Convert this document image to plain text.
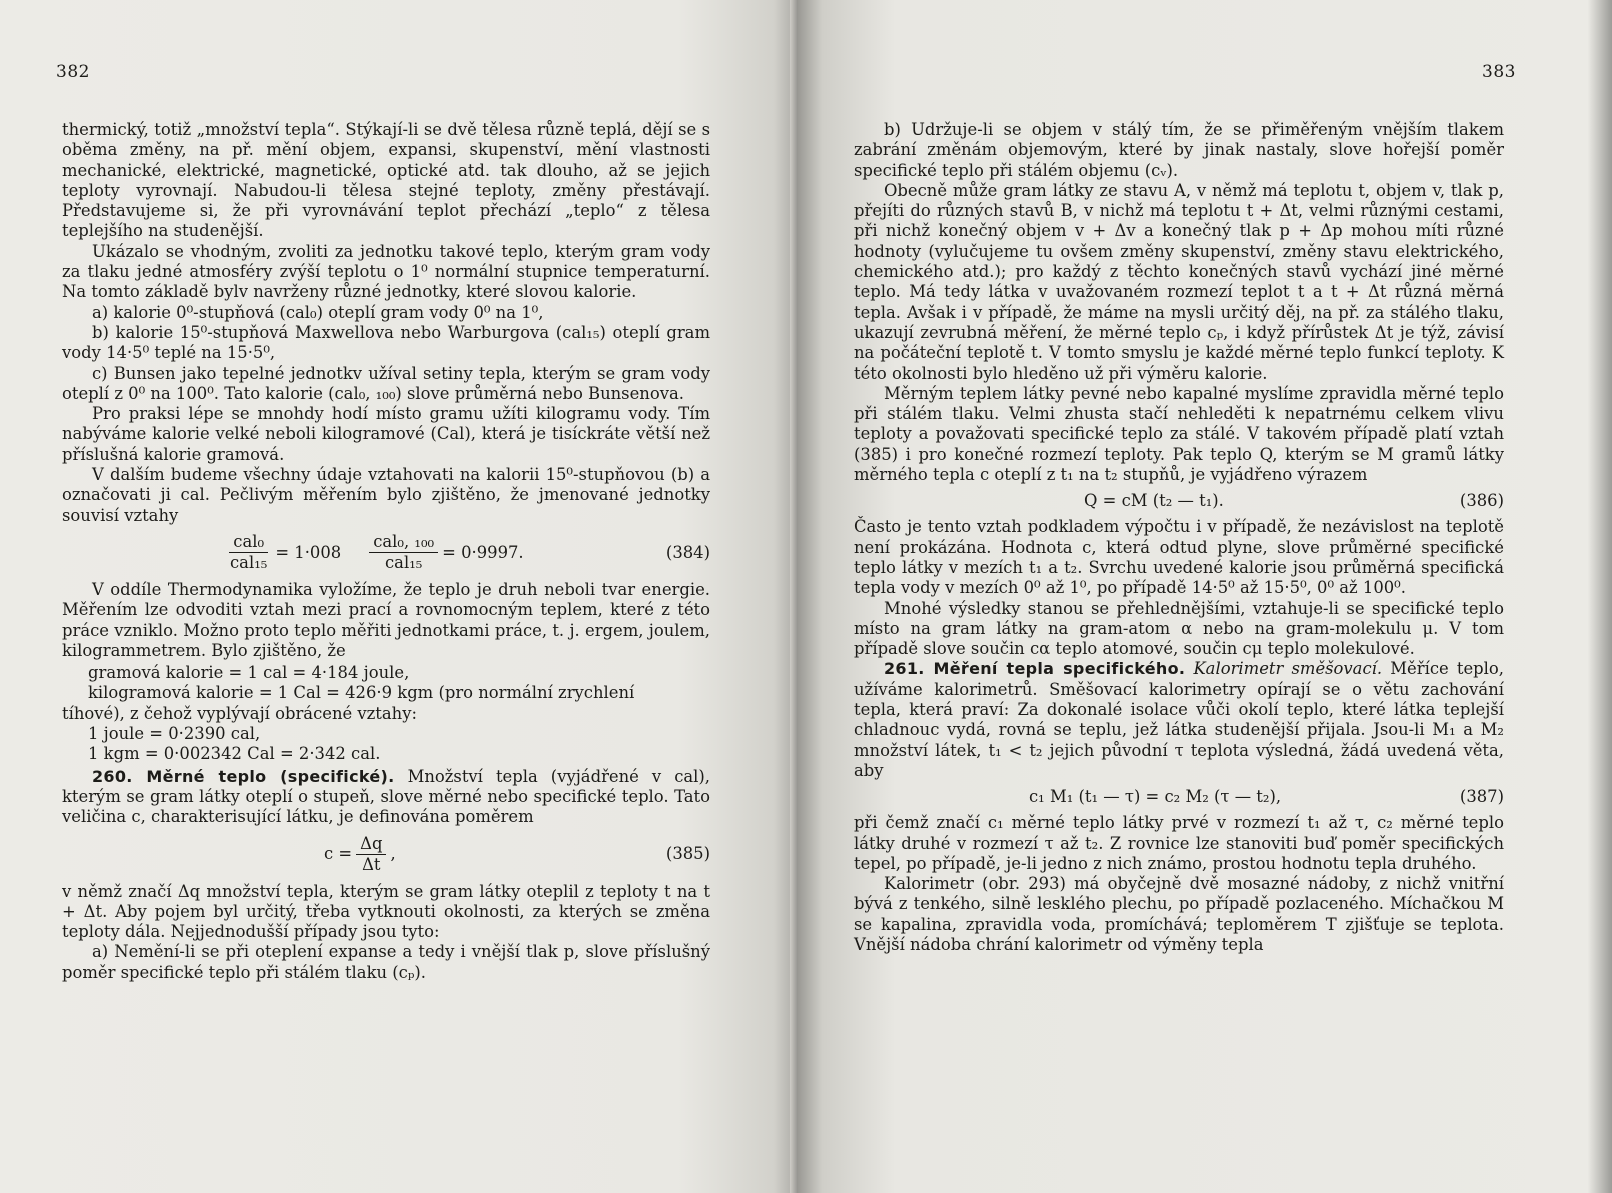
382

thermický, totiž „množství tepla“. Stýkají-li se dvě tělesa různě teplá, dějí se s oběma změny, na př. mění objem, expansi, skupenství, mění vlastnosti mechanické, elektrické, magnetické, optické atd. tak dlouho, až se jejich teploty vyrovnají. Nabudou-li tělesa stejné teploty, změny přestávají. Představujeme si, že při vyrovnávání teplot přechází „teplo“ z tělesa teplejšího na studenější.

Ukázalo se vhodným, zvoliti za jednotku takové teplo, kterým gram vody za tlaku jedné atmosféry zvýší teplotu o 1⁰ normální stupnice temperaturní. Na tomto základě bylv navrženy různé jednotky, které slovou kalorie.

a) kalorie 0⁰-stupňová (cal₀) oteplí gram vody 0⁰ na 1⁰,

b) kalorie 15⁰-stupňová Maxwellova nebo Warburgova (cal₁₅) oteplí gram vody 14·5⁰ teplé na 15·5⁰,

c) Bunsen jako tepelné jednotkv užíval setiny tepla, kterým se gram vody oteplí z 0⁰ na 100⁰. Tato kalorie (cal₀, ₁₀₀) slove průměrná nebo Bunsenova.

Pro praksi lépe se mnohdy hodí místo gramu užíti kilogramu vody. Tím nabýváme kalorie velké neboli kilogramové (Cal), která je tisíckráte větší než příslušná kalorie gramová.

V dalším budeme všechny údaje vztahovati na kalorii 15⁰-stupňovou (b) a označovati ji cal. Pečlivým měřením bylo zjištěno, že jmenované jednotky souvisí vztahy

$\frac{\text{cal₀}}{\text{cal₁₅}} = 1\cdot 008 \frac{\text{cal₀, ₁₀₀}}{\text{cal₁₅}} = 0\cdot 9997$.	(384)

V oddíle Thermodynamika vyložíme, že teplo je druh neboli tvar energie. Měřením lze odvoditi vztah mezi prací a rovnomocným teplem, které z této práce vzniklo. Možno proto teplo měřiti jednotkami práce, t. j. ergem, joulem, kilogrammetrem. Bylo zjištěno, že

gramová kalorie = 1 cal = 4·184 joule,
kilogramová kalorie = 1 Cal = 426·9 kgm (pro normální zrychlení
tíhové), z čehož vyplývají obrácené vztahy:
1 joule = 0·2390 cal,
1 kgm = 0·002342 Cal = 2·342 cal.

260. Měrné teplo (specifické). Množství tepla (vyjádřené v cal), kterým se gram látky oteplí o stupeň, slove měrné nebo specifické teplo. Tato veličina c, charakterisující látku, je definována poměrem

$c = \frac{\Delta q}{\Delta t}$ ,	(385)

v němž značí Δq množství tepla, kterým se gram látky oteplil z teploty t na t + Δt. Aby pojem byl určitý, třeba vytknouti okolnosti, za kterých se změna teploty dála. Nejjednodušší případy jsou tyto:

a) Nemění-li se při oteplení expanse a tedy i vnější tlak p, slove příslušný poměr specifické teplo při stálém tlaku (cₚ).

383

b) Udržuje-li se objem v stálý tím, že se přiměřeným vnějším tlakem zabrání změnám objemovým, které by jinak nastaly, slove hořejší poměr specifické teplo při stálém objemu (cᵥ).

Obecně může gram látky ze stavu A, v němž má teplotu t, objem v, tlak p, přejíti do různých stavů B, v nichž má teplotu t + Δt, velmi různými cestami, při nichž konečný objem v + Δv a konečný tlak p + Δp mohou míti různé hodnoty (vylučujeme tu ovšem změny skupenství, změny stavu elektrického, chemického atd.); pro každý z těchto konečných stavů vychází jiné měrné teplo. Má tedy látka v uvažovaném rozmezí teplot t a t + Δt různá měrná tepla. Avšak i v případě, že máme na mysli určitý děj, na př. za stálého tlaku, ukazují zevrubná měření, že měrné teplo cₚ, i když přírůstek Δt je týž, závisí na počáteční teplotě t. V tomto smyslu je každé měrné teplo funkcí teploty. K této okolnosti bylo hleděno už při výměru kalorie.

Měrným teplem látky pevné nebo kapalné myslíme zpravidla měrné teplo při stálém tlaku. Velmi zhusta stačí nehleděti k nepatrnému celkem vlivu teploty a považovati specifické teplo za stálé. V takovém případě platí vztah (385) i pro konečné rozmezí teploty. Pak teplo Q, kterým se M gramů látky měrného tepla c oteplí z t₁ na t₂ stupňů, je vyjádřeno výrazem

Q = cM (t₂ — t₁).	(386)

Často je tento vztah podkladem výpočtu i v případě, že nezávislost na teplotě není prokázána. Hodnota c, která odtud plyne, slove průměrné specifické teplo látky v mezích t₁ a t₂. Svrchu uvedené kalorie jsou průměrná specifická tepla vody v mezích 0⁰ až 1⁰, po případě 14·5⁰ až 15·5⁰, 0⁰ až 100⁰.

Mnohé výsledky stanou se přehlednějšími, vztahuje-li se specifické teplo místo na gram látky na gram-atom α nebo na gram-molekulu μ. V tom případě slove součin cα teplo atomové, součin cμ teplo molekulové.

261. Měření tepla specifického. Kalorimetr směšovací. Měříce teplo, užíváme kalorimetrů. Směšovací kalorimetry opírají se o větu zachování tepla, která praví: Za dokonalé isolace vůči okolí teplo, které látka teplejší chladnouc vydá, rovná se teplu, jež látka studenější přijala. Jsou-li M₁ a M₂ množství látek, t₁ < t₂ jejich původní τ teplota výsledná, žádá uvedená věta, aby

c₁ M₁ (t₁ — τ) = c₂ M₂ (τ — t₂),	(387)

při čemž značí c₁ měrné teplo látky prvé v rozmezí t₁ až τ, c₂ měrné teplo látky druhé v rozmezí τ až t₂. Z rovnice lze stanoviti buď poměr specifických tepel, po případě, je-li jedno z nich známo, prostou hodnotu tepla druhého.

Kalorimetr (obr. 293) má obyčejně dvě mosazné nádoby, z nichž vnitřní bývá z tenkého, silně lesklého plechu, po případě pozlaceného. Míchačkou M se kapalina, zpravidla voda, promíchává; teploměrem T zjišťuje se teplota. Vnější nádoba chrání kalorimetr od výměny tepla
